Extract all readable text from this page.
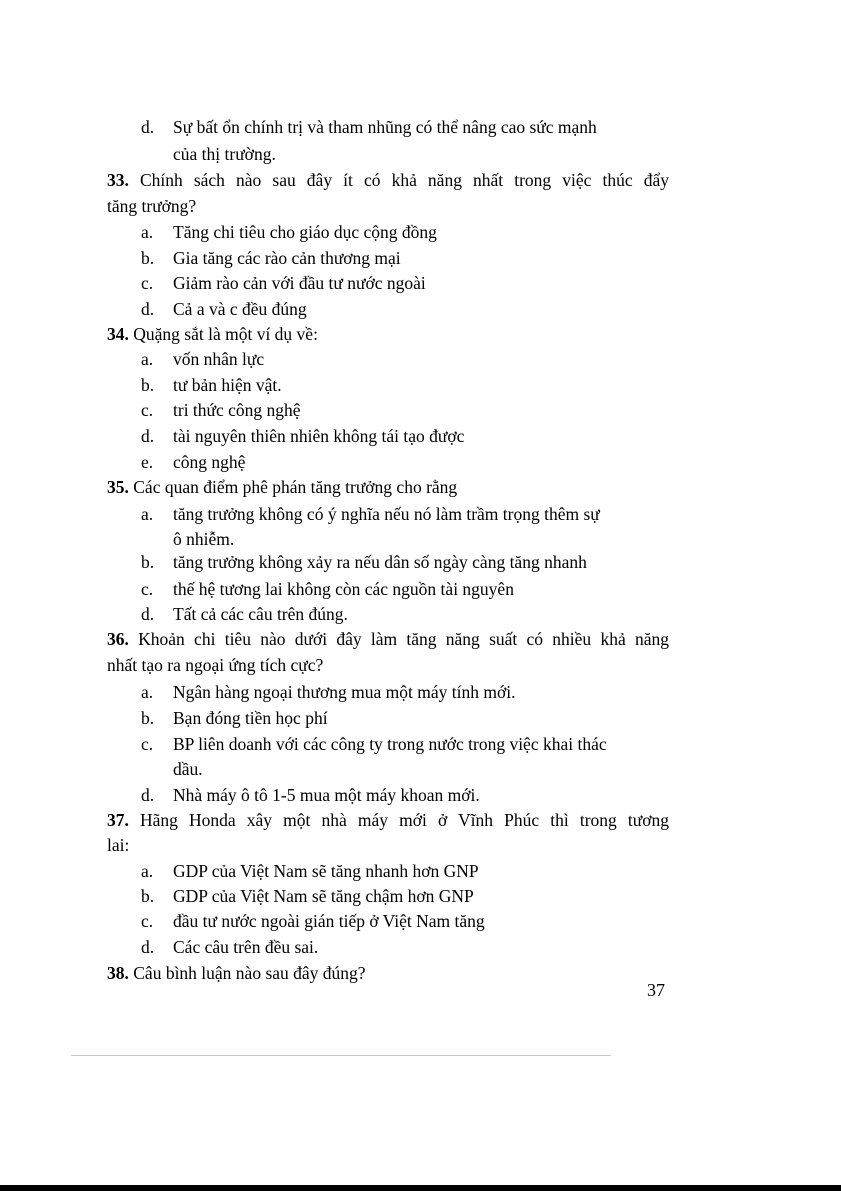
d. Sự bất ổn chính trị và tham nhũng có thể nâng cao sức mạnh
của thị trường.
33. Chính sách nào sau đây ít có khả năng nhất trong việc thúc đẩy
tăng trưởng?
a. Tăng chi tiêu cho giáo dục cộng đồng
b. Gia tăng các rào cản thương mại
c. Giảm rào cản với đầu tư nước ngoài
d. Cả a và c đều đúng
34. Quặng sắt là một ví dụ về:
a. vốn nhân lực
b. tư bản hiện vật.
c. tri thức công nghệ
d. tài nguyên thiên nhiên không tái tạo được
e. công nghệ
35. Các quan điểm phê phán tăng trưởng cho rằng
a. tăng trưởng không có ý nghĩa nếu nó làm trầm trọng thêm sự
ô nhiễm.
b. tăng trưởng không xảy ra nếu dân số ngày càng tăng nhanh
c. thế hệ tương lai không còn các nguồn tài nguyên
d. Tất cả các câu trên đúng.
36. Khoản chi tiêu nào dưới đây làm tăng năng suất có nhiều khả năng
nhất tạo ra ngoại ứng tích cực?
a. Ngân hàng ngoại thương mua một máy tính mới.
b. Bạn đóng tiền học phí
c. BP liên doanh với các công ty trong nước trong việc khai thác
dầu.
d. Nhà máy ô tô 1-5 mua một máy khoan mới.
37. Hãng Honda xây một nhà máy mới ở Vĩnh Phúc thì trong tương
lai:
a. GDP của Việt Nam sẽ tăng nhanh hơn GNP
b. GDP của Việt Nam sẽ tăng chậm hơn GNP
c. đầu tư nước ngoài gián tiếp ở Việt Nam tăng
d. Các câu trên đều sai.
38. Câu bình luận nào sau đây đúng?
37
